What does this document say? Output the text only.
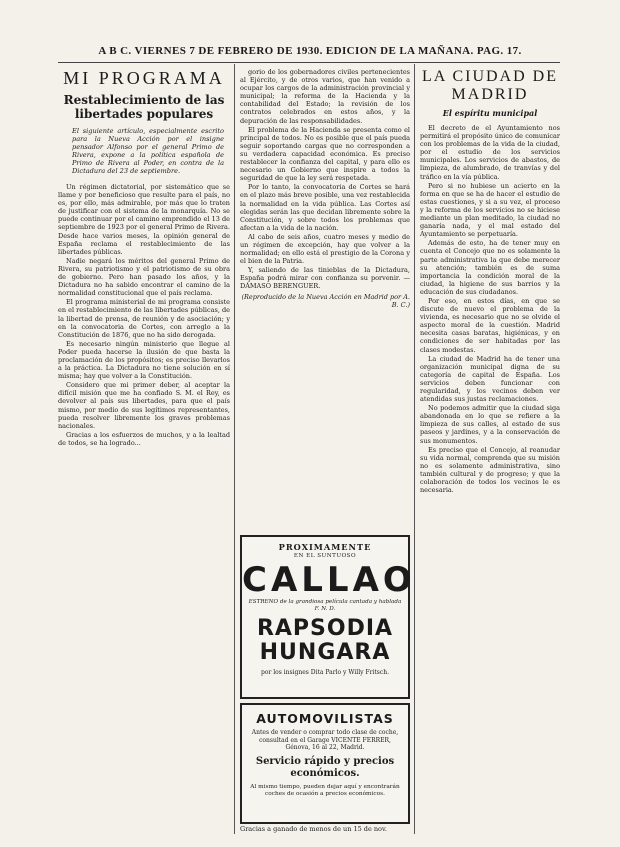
A B C. VIERNES 7 DE FEBRERO DE 1930. EDICION DE LA MAÑANA. PAG. 17.
MI PROGRAMA
Restablecimiento de las libertades populares
El siguiente artículo, especialmente escrito para la Nueva Acción por el insigne pensador Alfonso por el general Primo de Rivera, expone a la política española de Primo de Rivera al Poder, en contra de la Dictadura del 23 de septiembre.

Un régimen dictatorial, por sistemático que se llame y por beneficioso que resulte para el país, no es, por ello, más admirable, por más que lo traten de justificar con el sistema de la monarquía. No se puede continuar por el camino emprendido el 13 de septiembre de 1923 por el general Primo de Rivera. Desde hace varios meses, la opinión general de España reclama el restablecimiento de las libertades públicas.

Nadie negará los méritos del general Primo de Rivera, su patriotismo y el patriotismo de su obra de gobierno. Pero han pasado los años, y la Dictadura no ha sabido encontrar el camino de la normalidad constitucional que el país reclama.

El programa ministerial de mi programa consiste en el restablecimiento de las libertades públicas, de la libertad de prensa, de reunión y de asociación; y en la convocatoria de Cortes, con arreglo a la Constitución de 1876, que no ha sido derogada.

Es necesario ningún ministerio que llegue al Poder pueda hacerse la ilusión de que basta la proclamación de los propósitos; es preciso llevarlos a la práctica. La Dictadura no tiene solución en sí misma; hay que volver a la Constitución.

Considero que mi primer deber, al aceptar la difícil misión que me ha confiado S. M. el Rey, es devolver al país sus libertades, para que el país mismo, por medio de sus legítimos representantes, pueda resolver libremente los graves problemas nacionales.

Gracias a los esfuerzos de muchos, y a la lealtad de todos, se ha logrado...

gorio de los gobernadores civiles pertenecientes al Ejército, y de otros varios, que han venido a ocupar los cargos de la administración provincial y municipal; la reforma de la Hacienda y la contabilidad del Estado; la revisión de los contratos celebrados en estos años, y la depuración de las responsabilidades.

El problema de la Hacienda se presenta como el principal de todos. No es posible que el país pueda seguir soportando cargas que no corresponden a su verdadera capacidad económica. Es preciso restablecer la confianza del capital, y para ello es necesario un Gobierno que inspire a todos la seguridad de que la ley será respetada.

Por lo tanto, la convocatoria de Cortes se hará en el plazo más breve posible, una vez restablecida la normalidad en la vida pública. Las Cortes así elegidas serán las que decidan libremente sobre la Constitución, y sobre todos los problemas que afectan a la vida de la nación.

Al cabo de seis años, cuatro meses y medio de un régimen de excepción, hay que volver a la normalidad; en ello está el prestigio de la Corona y el bien de la Patria.

Y, saliendo de las tinieblas de la Dictadura, España podrá mirar con confianza su porvenir. — DÁMASO BERENGUER.

(Reproducido de la Nueva Acción en Madrid por A. B. C.)
PROXIMAMENTE
EN EL SUNTUOSO
CALLAO
ESTRENO de la grandiosa película cantada y hablada F. N. D.
RAPSODIA HUNGARA
por los insignes Dita Parlo y Willy Fritsch.
AUTOMOVILISTAS
Antes de vender o comprar todo clase de coche, consultad en el Garage VICENTE FERRER, Génova, 16 al 22, Madrid.
Servicio rápido y precios económicos.
Al mismo tiempo, pueden dejar aquí y encontrarán coches de ocasión a precios económicos.
Gracias a ganado de menos de un 15 de nov.
LA CIUDAD DE MADRID
El espíritu municipal

El decreto de el Ayuntamiento nos permitirá el propósito único de comunicar con los problemas de la vida de la ciudad, por el estudio de los servicios municipales. Los servicios de abastos, de limpieza, de alumbrado, de tranvías y del tráfico en la vía pública.

Pero si no hubiese un acierto en la forma en que se ha de hacer el estudio de estas cuestiones, y si a su vez, el proceso y la reforma de los servicios no se hiciese mediante un plan meditado, la ciudad no ganaría nada, y el mal estado del Ayuntamiento se perpetuaría.

Además de esto, ha de tener muy en cuenta el Concejo que no es solamente la parte administrativa la que debe merecer su atención; también es de suma importancia la condición moral de la ciudad, la higiene de sus barrios y la educación de sus ciudadanos.

Por eso, en estos días, en que se discute de nuevo el problema de la vivienda, es necesario que no se olvide el aspecto moral de la cuestión. Madrid necesita casas baratas, higiénicas, y en condiciones de ser habitadas por las clases modestas.

La ciudad de Madrid ha de tener una organización municipal digna de su categoría de capital de España. Los servicios deben funcionar con regularidad, y los vecinos deben ver atendidas sus justas reclamaciones.

No podemos admitir que la ciudad siga abandonada en lo que se refiere a la limpieza de sus calles, al estado de sus paseos y jardines, y a la conservación de sus monumentos.

Es preciso que el Concejo, al reanudar su vida normal, comprenda que su misión no es solamente administrativa, sino también cultural y de progreso; y que la colaboración de todos los vecinos le es necesaria.
